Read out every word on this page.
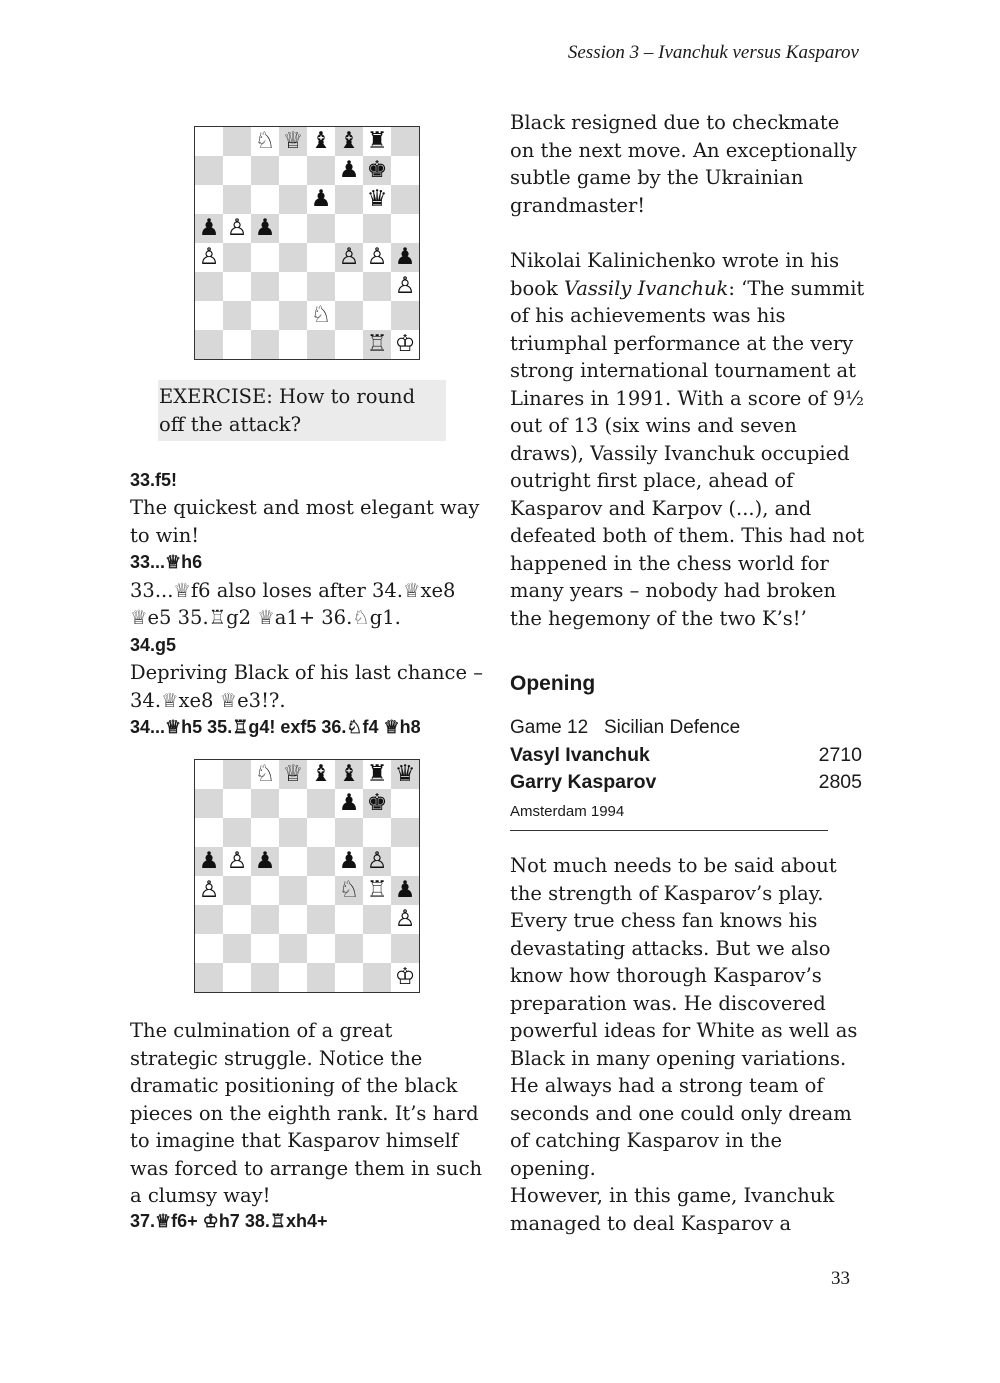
Session 3 – Ivanchuk versus Kasparov
♘ ♕ ♝ ♝ ♜
♟ ♚
♟ ♛
♟ ♙ ♟
♙	♙ ♙ ♟
♙
♘
♖ ♔
EXERCISE: How to round off the attack?
33.f5!
The quickest and most elegant way to win!
33...♕h6
33...♕f6 also loses after 34.♕xe8
♕e5 35.♖g2 ♕a1+ 36.♘g1.
34.g5
Depriving Black of his last chance –
34.♕xe8 ♕e3!?.
34...♕h5 35.♖g4! exf5 36.♘f4 ♕h8
♘ ♕ ♝ ♝ ♜ ♛
♟ ♚
♟ ♙ ♟	♟ ♙
♙	♘ ♖ ♟
♙
♔
The culmination of a great strategic struggle. Notice the dramatic positioning of the black pieces on the eighth rank. It’s hard to imagine that Kasparov himself was forced to arrange them in such a clumsy way!
37.♕f6+ ♔h7 38.♖xh4+
Black resigned due to checkmate on the next move. An exceptionally subtle game by the Ukrainian grandmaster!
Nikolai Kalinichenko wrote in his book Vassily Ivanchuk: ‘The summit of his achievements was his triumphal performance at the very strong international tournament at Linares in 1991. With a score of 9½ out of 13 (six wins and seven draws), Vassily Ivanchuk occupied outright first place, ahead of Kasparov and Karpov (...), and defeated both of them. This had not happened in the chess world for many years – nobody had broken the hegemony of the two K’s!’
Opening
Game 12 Sicilian Defence
Vasyl Ivanchuk	2710
Garry Kasparov	2805
Amsterdam 1994
Not much needs to be said about the strength of Kasparov’s play. Every true chess fan knows his devastating attacks. But we also know how thorough Kasparov’s preparation was. He discovered powerful ideas for White as well as Black in many opening variations. He always had a strong team of seconds and one could only dream of catching Kasparov in the opening.
However, in this game, Ivanchuk managed to deal Kasparov a
33
